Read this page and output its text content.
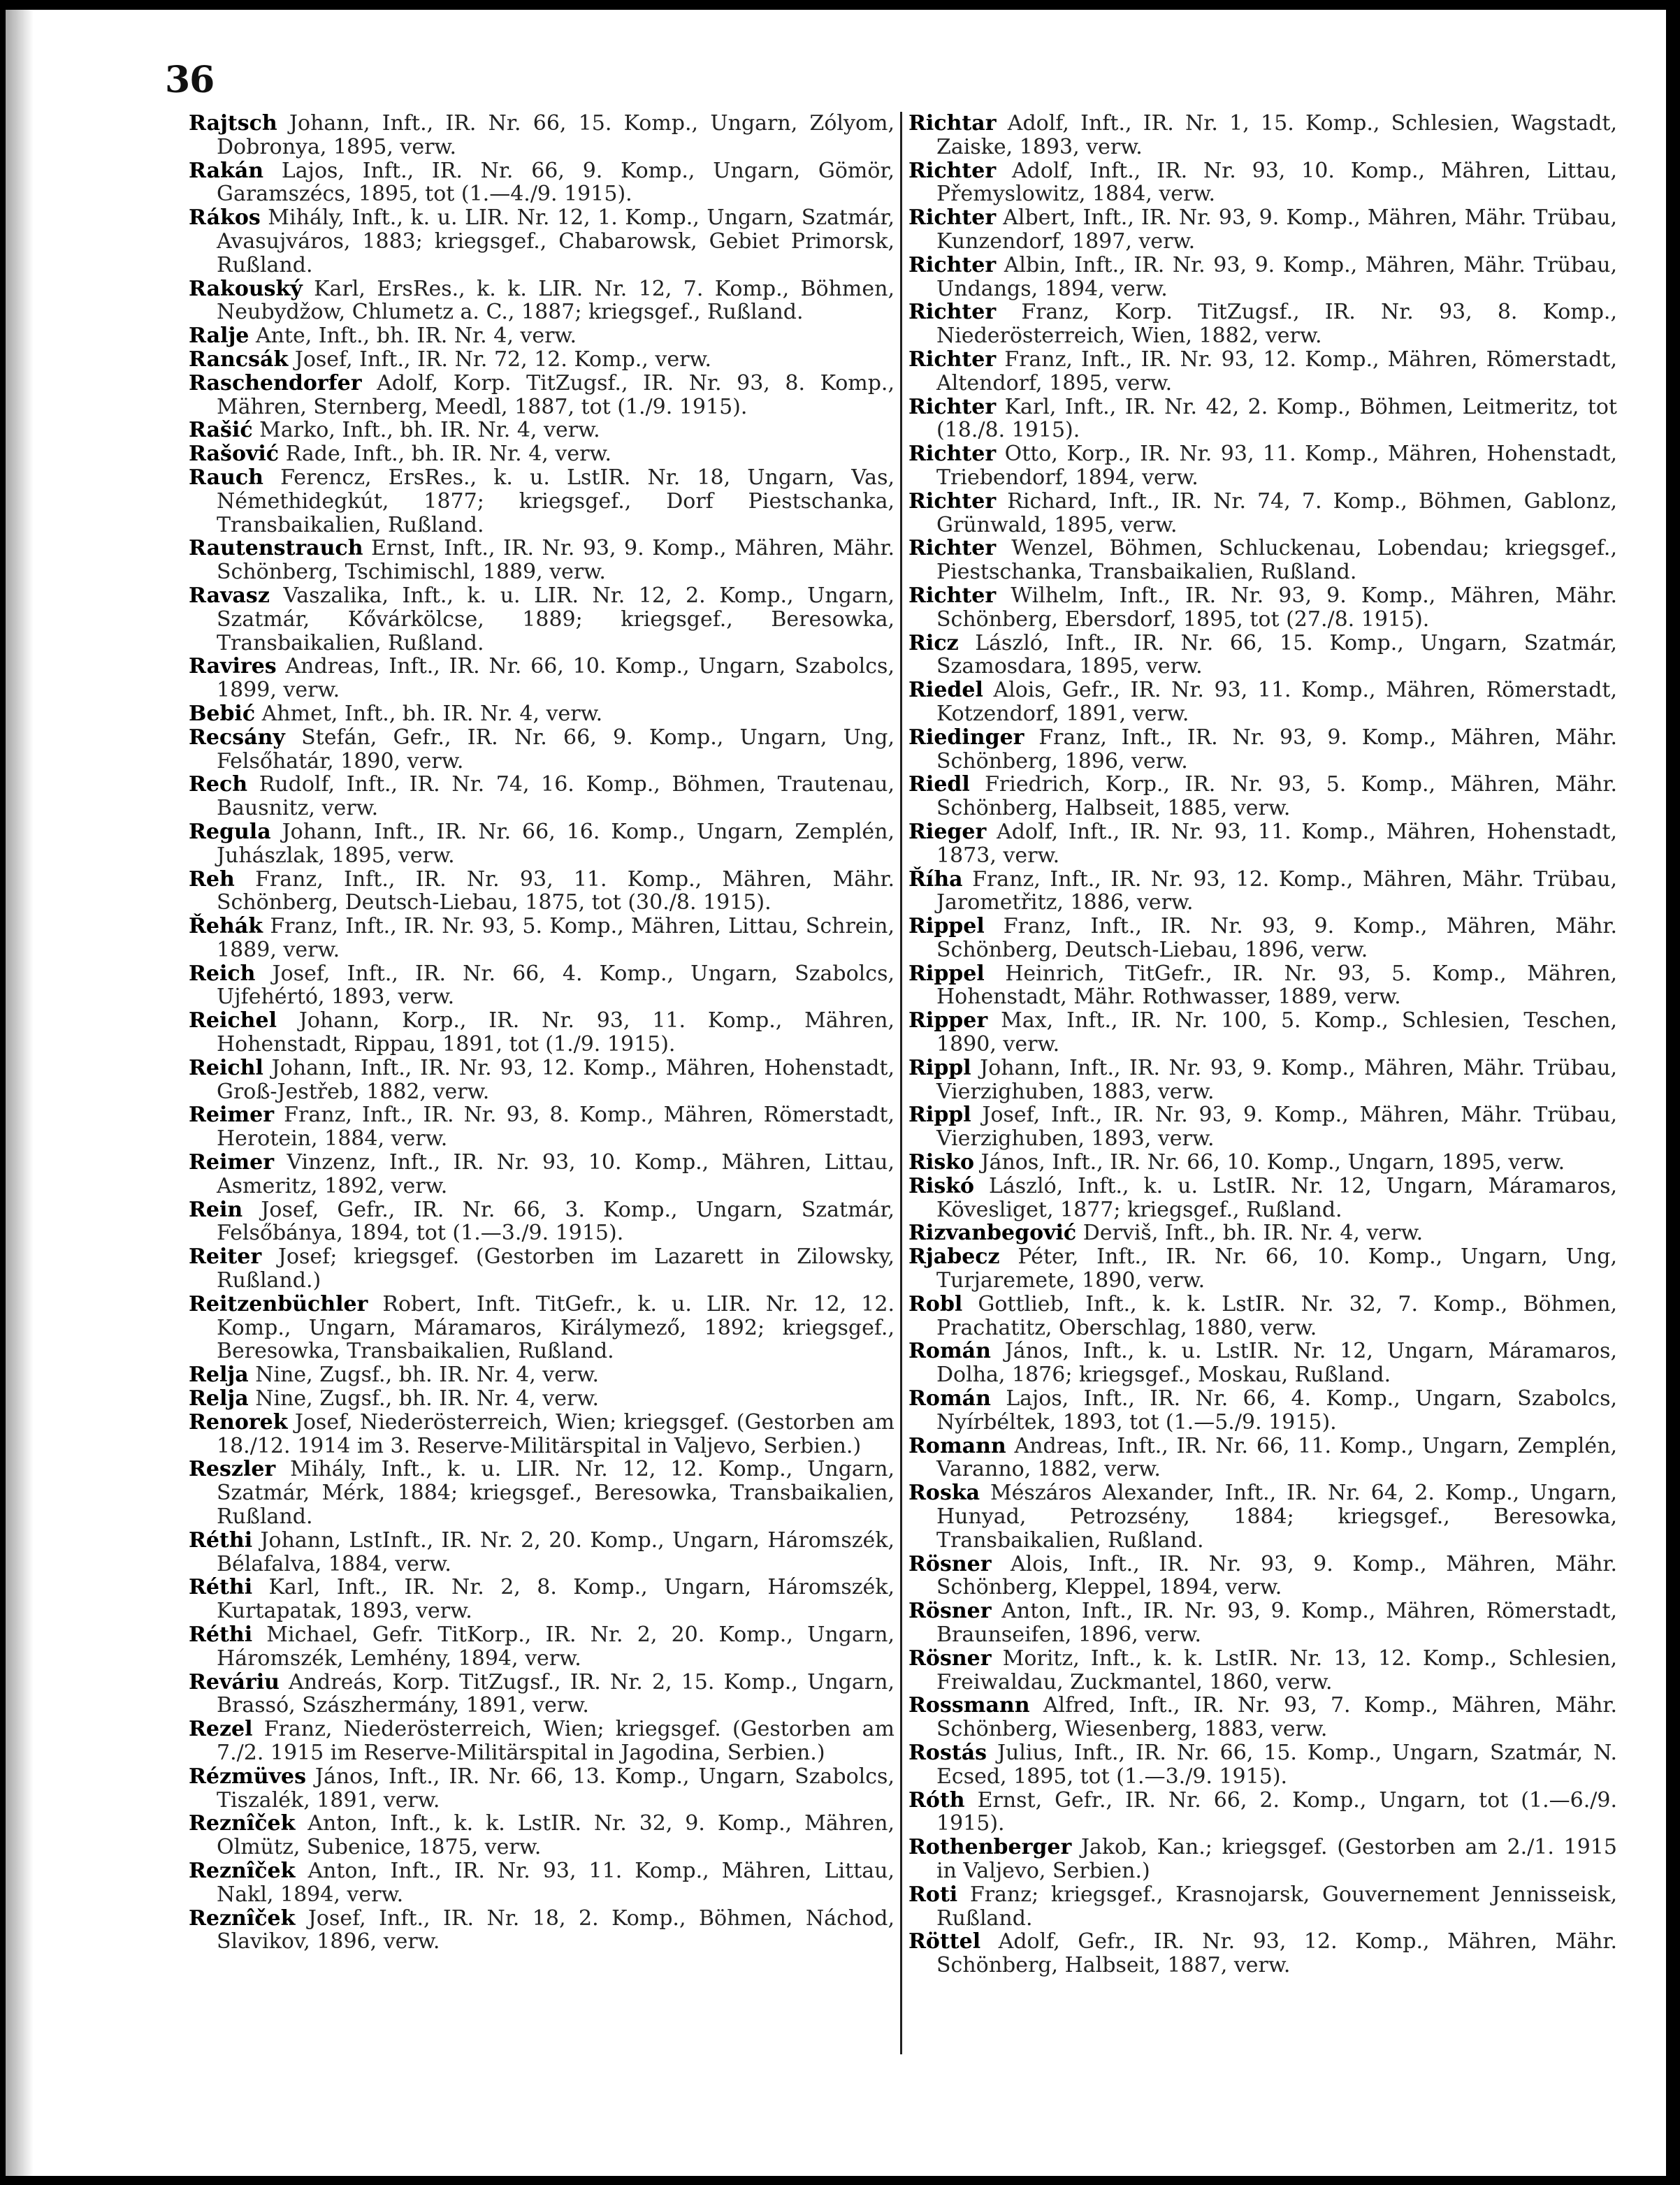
36
Rajtsch Johann, Inft., IR. Nr. 66, 15. Komp., Ungarn, Zólyom, Dobronya, 1895, verw.
Rakán Lajos, Inft., IR. Nr. 66, 9. Komp., Ungarn, Gömör, Garamszécs, 1895, tot (1.—4./9. 1915).
Rákos Mihály, Inft., k. u. LIR. Nr. 12, 1. Komp., Ungarn, Szatmár, Avasujváros, 1883; kriegsgef., Chabarowsk, Gebiet Primorsk, Rußland.
Rakouský Karl, ErsRes., k. k. LIR. Nr. 12, 7. Komp., Böhmen, Neubydžow, Chlumetz a. C., 1887; kriegsgef., Rußland.
Ralje Ante, Inft., bh. IR. Nr. 4, verw.
Rancsák Josef, Inft., IR. Nr. 72, 12. Komp., verw.
Raschendorfer Adolf, Korp. TitZugsf., IR. Nr. 93, 8. Komp., Mähren, Sternberg, Meedl, 1887, tot (1./9. 1915).
Rašić Marko, Inft., bh. IR. Nr. 4, verw.
Rašović Rade, Inft., bh. IR. Nr. 4, verw.
Rauch Ferencz, ErsRes., k. u. LstIR. Nr. 18, Ungarn, Vas, Némethidegkút, 1877; kriegsgef., Dorf Piestschanka, Transbaikalien, Rußland.
Rautenstrauch Ernst, Inft., IR. Nr. 93, 9. Komp., Mähren, Mähr. Schönberg, Tschimischl, 1889, verw.
Ravasz Vaszalika, Inft., k. u. LIR. Nr. 12, 2. Komp., Ungarn, Szatmár, Kővárkölcse, 1889; kriegsgef., Beresowka, Transbaikalien, Rußland.
Ravires Andreas, Inft., IR. Nr. 66, 10. Komp., Ungarn, Szabolcs, 1899, verw.
Bebić Ahmet, Inft., bh. IR. Nr. 4, verw.
Recsány Stefán, Gefr., IR. Nr. 66, 9. Komp., Ungarn, Ung, Felsőhatár, 1890, verw.
Rech Rudolf, Inft., IR. Nr. 74, 16. Komp., Böhmen, Trautenau, Bausnitz, verw.
Regula Johann, Inft., IR. Nr. 66, 16. Komp., Ungarn, Zemplén, Juhászlak, 1895, verw.
Reh Franz, Inft., IR. Nr. 93, 11. Komp., Mähren, Mähr. Schönberg, Deutsch-Liebau, 1875, tot (30./8. 1915).
Řehák Franz, Inft., IR. Nr. 93, 5. Komp., Mähren, Littau, Schrein, 1889, verw.
Reich Josef, Inft., IR. Nr. 66, 4. Komp., Ungarn, Szabolcs, Ujfehértó, 1893, verw.
Reichel Johann, Korp., IR. Nr. 93, 11. Komp., Mähren, Hohenstadt, Rippau, 1891, tot (1./9. 1915).
Reichl Johann, Inft., IR. Nr. 93, 12. Komp., Mähren, Hohenstadt, Groß-Jestřeb, 1882, verw.
Reimer Franz, Inft., IR. Nr. 93, 8. Komp., Mähren, Römerstadt, Herotein, 1884, verw.
Reimer Vinzenz, Inft., IR. Nr. 93, 10. Komp., Mähren, Littau, Asmeritz, 1892, verw.
Rein Josef, Gefr., IR. Nr. 66, 3. Komp., Ungarn, Szatmár, Felsőbánya, 1894, tot (1.—3./9. 1915).
Reiter Josef; kriegsgef. (Gestorben im Lazarett in Zilowsky, Rußland.)
Reitzenbüchler Robert, Inft. TitGefr., k. u. LIR. Nr. 12, 12. Komp., Ungarn, Máramaros, Királymező, 1892; kriegsgef., Beresowka, Transbaikalien, Rußland.
Relja Nine, Zugsf., bh. IR. Nr. 4, verw.
Relja Nine, Zugsf., bh. IR. Nr. 4, verw.
Renorek Josef, Niederösterreich, Wien; kriegsgef. (Gestorben am 18./12. 1914 im 3. Reserve-Militärspital in Valjevo, Serbien.)
Reszler Mihály, Inft., k. u. LIR. Nr. 12, 12. Komp., Ungarn, Szatmár, Mérk, 1884; kriegsgef., Beresowka, Transbaikalien, Rußland.
Réthi Johann, LstInft., IR. Nr. 2, 20. Komp., Ungarn, Háromszék, Bélafalva, 1884, verw.
Réthi Karl, Inft., IR. Nr. 2, 8. Komp., Ungarn, Háromszék, Kurtapatak, 1893, verw.
Réthi Michael, Gefr. TitKorp., IR. Nr. 2, 20. Komp., Ungarn, Háromszék, Lemhény, 1894, verw.
Reváriu Andreás, Korp. TitZugsf., IR. Nr. 2, 15. Komp., Ungarn, Brassó, Szászhermány, 1891, verw.
Rezel Franz, Niederösterreich, Wien; kriegsgef. (Gestorben am 7./2. 1915 im Reserve-Militärspital in Jagodina, Serbien.)
Rézmüves János, Inft., IR. Nr. 66, 13. Komp., Ungarn, Szabolcs, Tiszalék, 1891, verw.
Reznîček Anton, Inft., k. k. LstIR. Nr. 32, 9. Komp., Mähren, Olmütz, Subenice, 1875, verw.
Reznîček Anton, Inft., IR. Nr. 93, 11. Komp., Mähren, Littau, Nakl, 1894, verw.
Reznîček Josef, Inft., IR. Nr. 18, 2. Komp., Böhmen, Náchod, Slavikov, 1896, verw.
Richtar Adolf, Inft., IR. Nr. 1, 15. Komp., Schlesien, Wagstadt, Zaiske, 1893, verw.
Richter Adolf, Inft., IR. Nr. 93, 10. Komp., Mähren, Littau, Přemyslowitz, 1884, verw.
Richter Albert, Inft., IR. Nr. 93, 9. Komp., Mähren, Mähr. Trübau, Kunzendorf, 1897, verw.
Richter Albin, Inft., IR. Nr. 93, 9. Komp., Mähren, Mähr. Trübau, Undangs, 1894, verw.
Richter Franz, Korp. TitZugsf., IR. Nr. 93, 8. Komp., Niederösterreich, Wien, 1882, verw.
Richter Franz, Inft., IR. Nr. 93, 12. Komp., Mähren, Römerstadt, Altendorf, 1895, verw.
Richter Karl, Inft., IR. Nr. 42, 2. Komp., Böhmen, Leitmeritz, tot (18./8. 1915).
Richter Otto, Korp., IR. Nr. 93, 11. Komp., Mähren, Hohenstadt, Triebendorf, 1894, verw.
Richter Richard, Inft., IR. Nr. 74, 7. Komp., Böhmen, Gablonz, Grünwald, 1895, verw.
Richter Wenzel, Böhmen, Schluckenau, Lobendau; kriegsgef., Piestschanka, Transbaikalien, Rußland.
Richter Wilhelm, Inft., IR. Nr. 93, 9. Komp., Mähren, Mähr. Schönberg, Ebersdorf, 1895, tot (27./8. 1915).
Ricz László, Inft., IR. Nr. 66, 15. Komp., Ungarn, Szatmár, Szamosdara, 1895, verw.
Riedel Alois, Gefr., IR. Nr. 93, 11. Komp., Mähren, Römerstadt, Kotzendorf, 1891, verw.
Riedinger Franz, Inft., IR. Nr. 93, 9. Komp., Mähren, Mähr. Schönberg, 1896, verw.
Riedl Friedrich, Korp., IR. Nr. 93, 5. Komp., Mähren, Mähr. Schönberg, Halbseit, 1885, verw.
Rieger Adolf, Inft., IR. Nr. 93, 11. Komp., Mähren, Hohenstadt, 1873, verw.
Říha Franz, Inft., IR. Nr. 93, 12. Komp., Mähren, Mähr. Trübau, Jarometřitz, 1886, verw.
Rippel Franz, Inft., IR. Nr. 93, 9. Komp., Mähren, Mähr. Schönberg, Deutsch-Liebau, 1896, verw.
Rippel Heinrich, TitGefr., IR. Nr. 93, 5. Komp., Mähren, Hohenstadt, Mähr. Rothwasser, 1889, verw.
Ripper Max, Inft., IR. Nr. 100, 5. Komp., Schlesien, Teschen, 1890, verw.
Rippl Johann, Inft., IR. Nr. 93, 9. Komp., Mähren, Mähr. Trübau, Vierzighuben, 1883, verw.
Rippl Josef, Inft., IR. Nr. 93, 9. Komp., Mähren, Mähr. Trübau, Vierzighuben, 1893, verw.
Risko János, Inft., IR. Nr. 66, 10. Komp., Ungarn, 1895, verw.
Riskó László, Inft., k. u. LstIR. Nr. 12, Ungarn, Máramaros, Kövesliget, 1877; kriegsgef., Rußland.
Rizvanbegović Derviš, Inft., bh. IR. Nr. 4, verw.
Rjabecz Péter, Inft., IR. Nr. 66, 10. Komp., Ungarn, Ung, Turjaremete, 1890, verw.
Robl Gottlieb, Inft., k. k. LstIR. Nr. 32, 7. Komp., Böhmen, Prachatitz, Oberschlag, 1880, verw.
Román János, Inft., k. u. LstIR. Nr. 12, Ungarn, Máramaros, Dolha, 1876; kriegsgef., Moskau, Rußland.
Román Lajos, Inft., IR. Nr. 66, 4. Komp., Ungarn, Szabolcs, Nyírbéltek, 1893, tot (1.—5./9. 1915).
Romann Andreas, Inft., IR. Nr. 66, 11. Komp., Ungarn, Zemplén, Varanno, 1882, verw.
Roska Mészáros Alexander, Inft., IR. Nr. 64, 2. Komp., Ungarn, Hunyad, Petrozsény, 1884; kriegsgef., Beresowka, Transbaikalien, Rußland.
Rösner Alois, Inft., IR. Nr. 93, 9. Komp., Mähren, Mähr. Schönberg, Kleppel, 1894, verw.
Rösner Anton, Inft., IR. Nr. 93, 9. Komp., Mähren, Römerstadt, Braunseifen, 1896, verw.
Rösner Moritz, Inft., k. k. LstIR. Nr. 13, 12. Komp., Schlesien, Freiwaldau, Zuckmantel, 1860, verw.
Rossmann Alfred, Inft., IR. Nr. 93, 7. Komp., Mähren, Mähr. Schönberg, Wiesenberg, 1883, verw.
Rostás Julius, Inft., IR. Nr. 66, 15. Komp., Ungarn, Szatmár, N. Ecsed, 1895, tot (1.—3./9. 1915).
Róth Ernst, Gefr., IR. Nr. 66, 2. Komp., Ungarn, tot (1.—6./9. 1915).
Rothenberger Jakob, Kan.; kriegsgef. (Gestorben am 2./1. 1915 in Valjevo, Serbien.)
Roti Franz; kriegsgef., Krasnojarsk, Gouvernement Jennisseisk, Rußland.
Röttel Adolf, Gefr., IR. Nr. 93, 12. Komp., Mähren, Mähr. Schönberg, Halbseit, 1887, verw.
